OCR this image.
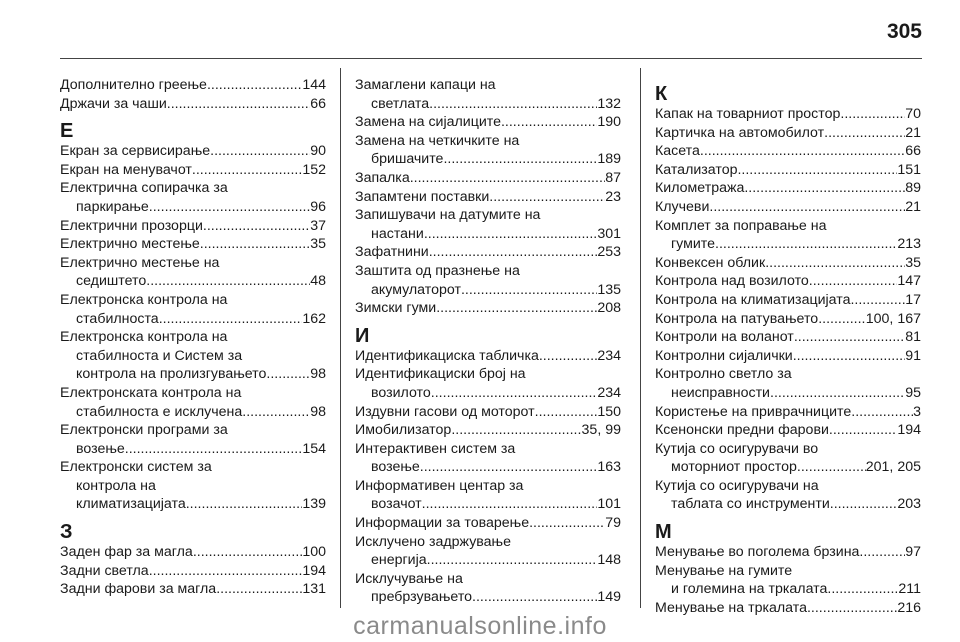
305
Дополнително греење .....	144
Држачи за чаши .....	66
Е
Екран за сервисирање .....	90
Екран на менувачот .....	152
Електрична сопирачка за
паркирање .....	96
Електрични прозорци .....	37
Електрично местење .....	35
Електрично местење на
седиштето .....	48
Електронска контрола на
стабилноста .....	162
Електронска контрола на
стабилноста и Систем за
контрола на пролизгувањето .....	98
Електронската контрола на
стабилноста е исклучена .....	98
Електронски програми за
возење .....	154
Електронски систем за
контрола на
климатизацијата .....	139
З
Заден фар за магла .....	100
Задни светла .....	194
Задни фарови за магла .....	131
Замаглени капаци на
светлата .....	132
Замена на сијалиците .....	190
Замена на четкичките на
бришачите .....	189
Запалка .....	87
Запамтени поставки .....	23
Запишувачи на датумите на
настани .....	301
Зафатнини .....	253
Заштита од празнење на
акумулаторот .....	135
Зимски гуми .....	208
И
Идентификациска табличка .....	234
Идентификациски број на
возилото .....	234
Издувни гасови од моторот .....	150
Имобилизатор .....	35, 99
Интерактивен систем за
возење .....	163
Информативен центар за
возачот .....	101
Информации за товарење .....	79
Исклучено задржување
енергија .....	148
Исклучување на
пребрзувањето .....	149
К
Капак на товарниот простор .....	70
Картичка на автомобилот .....	21
Касета .....	66
Катализатор .....	151
Километража .....	89
Клучеви .....	21
Комплет за поправање на
гумите .....	213
Конвексен облик .....	35
Контрола над возилото .....	147
Контрола на климатизацијата .....	17
Контрола на патувањето .....	100, 167
Контроли на воланот .....	81
Контролни сијалички .....	91
Контролно светло за
неисправности .....	95
Користење на приврачниците .....	3
Ксенонски предни фарови .....	194
Кутија со осигурувачи во
моторниот простор .....	201, 205
Кутија со осигурувачи на
таблата со инструменти .....	203
М
Менување во поголема брзина. .....	97
Менување на гумите
и големина на тркалата .....	211
Менување на тркалата .....	216
carmanualsonline.info
